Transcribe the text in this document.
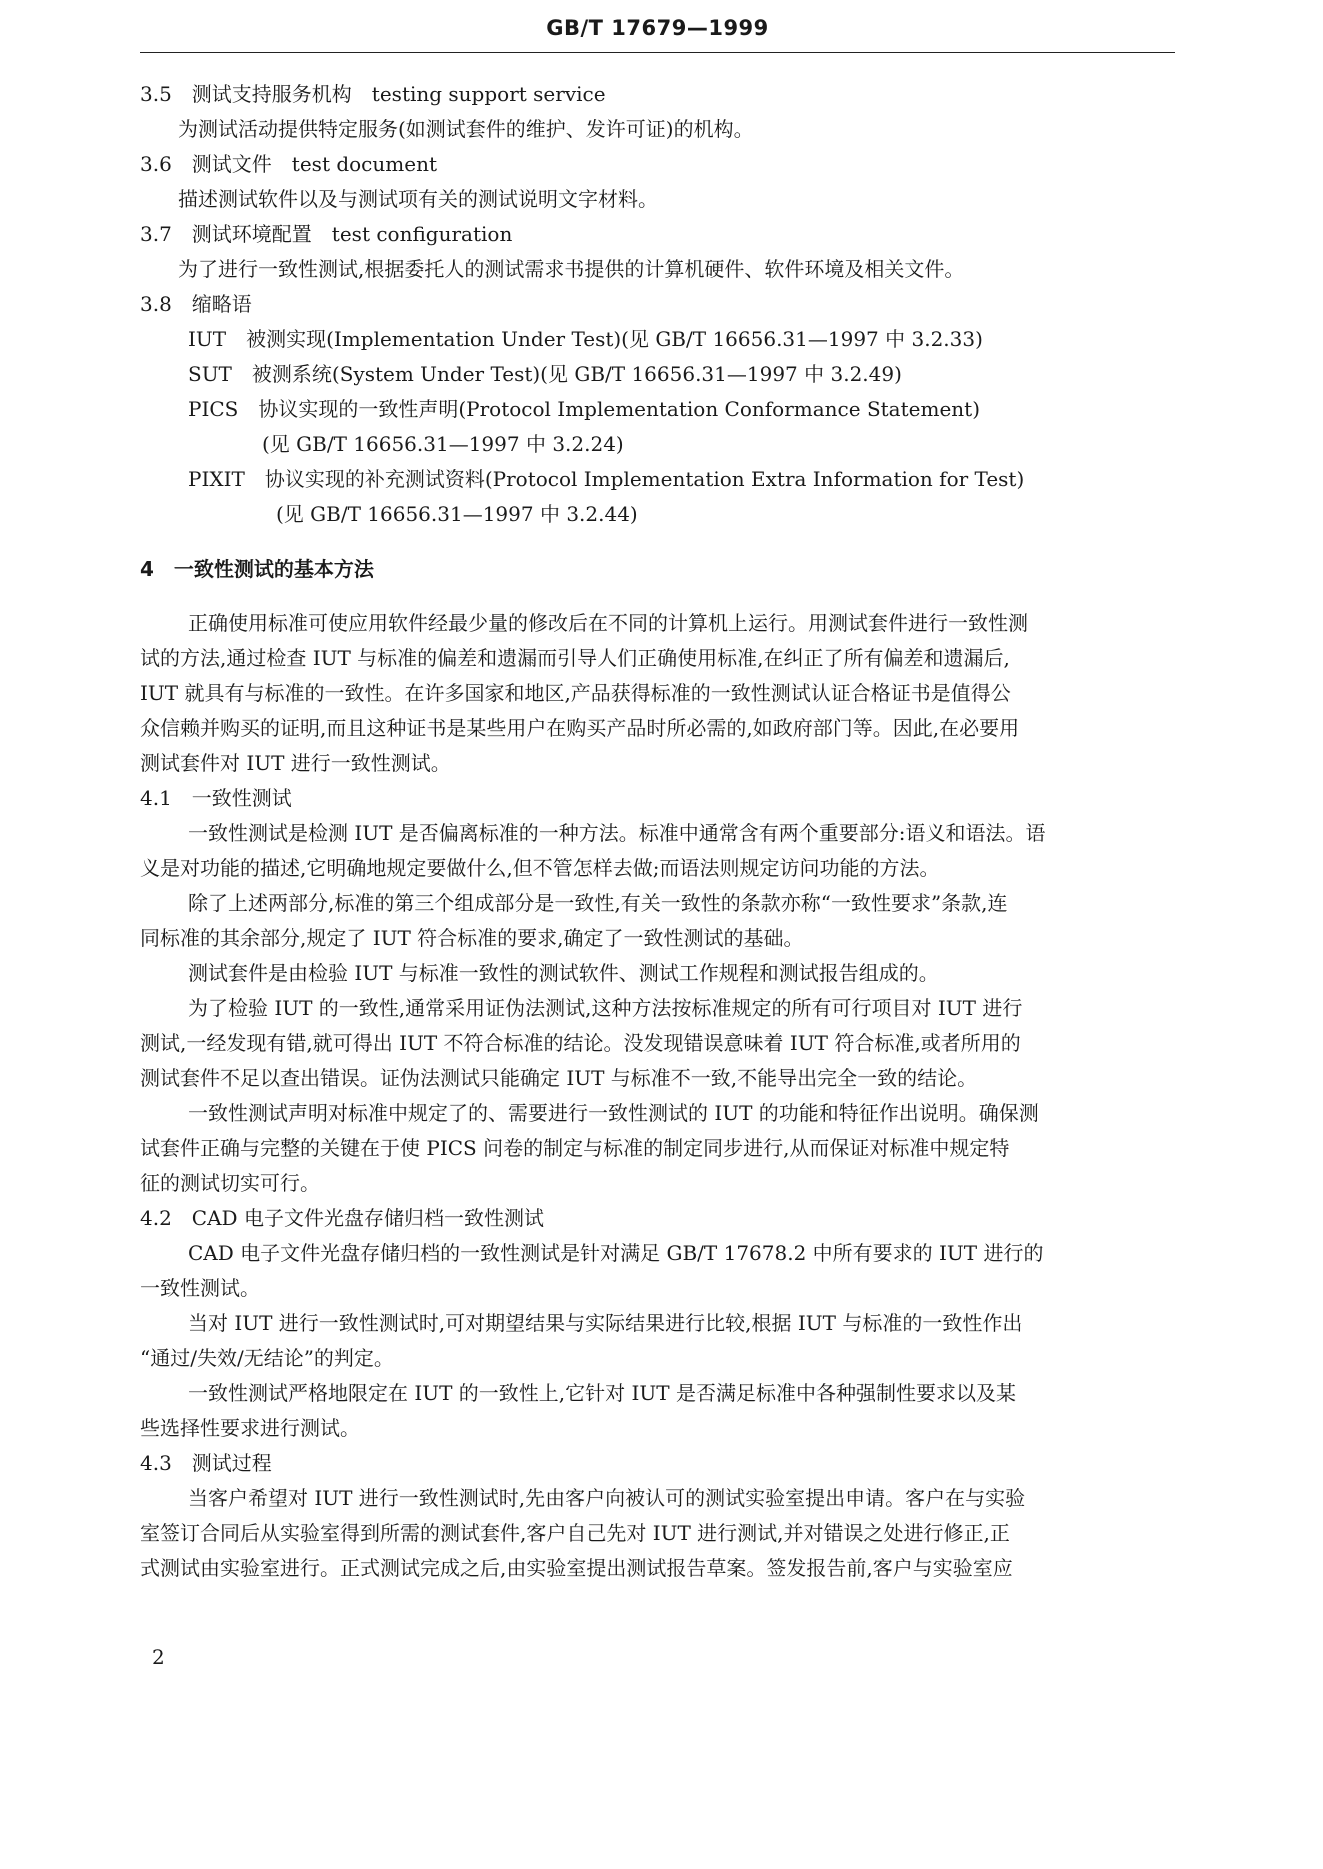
GB/T 17679—1999
3.5　测试支持服务机构　testing support service
为测试活动提供特定服务(如测试套件的维护、发许可证)的机构。
3.6　测试文件　test document
描述测试软件以及与测试项有关的测试说明文字材料。
3.7　测试环境配置　test configuration
为了进行一致性测试,根据委托人的测试需求书提供的计算机硬件、软件环境及相关文件。
3.8　缩略语
IUT　被测实现(Implementation Under Test)(见 GB/T 16656.31—1997 中 3.2.33)
SUT　被测系统(System Under Test)(见 GB/T 16656.31—1997 中 3.2.49)
PICS　协议实现的一致性声明(Protocol Implementation Conformance Statement)
(见 GB/T 16656.31—1997 中 3.2.24)
PIXIT　协议实现的补充测试资料(Protocol Implementation Extra Information for Test)
(见 GB/T 16656.31—1997 中 3.2.44)
4　一致性测试的基本方法
正确使用标准可使应用软件经最少量的修改后在不同的计算机上运行。用测试套件进行一致性测
试的方法,通过检查 IUT 与标准的偏差和遗漏而引导人们正确使用标准,在纠正了所有偏差和遗漏后,
IUT 就具有与标准的一致性。在许多国家和地区,产品获得标准的一致性测试认证合格证书是值得公
众信赖并购买的证明,而且这种证书是某些用户在购买产品时所必需的,如政府部门等。因此,在必要用
测试套件对 IUT 进行一致性测试。
4.1　一致性测试
一致性测试是检测 IUT 是否偏离标准的一种方法。标准中通常含有两个重要部分:语义和语法。语
义是对功能的描述,它明确地规定要做什么,但不管怎样去做;而语法则规定访问功能的方法。
除了上述两部分,标准的第三个组成部分是一致性,有关一致性的条款亦称“一致性要求”条款,连
同标准的其余部分,规定了 IUT 符合标准的要求,确定了一致性测试的基础。
测试套件是由检验 IUT 与标准一致性的测试软件、测试工作规程和测试报告组成的。
为了检验 IUT 的一致性,通常采用证伪法测试,这种方法按标准规定的所有可行项目对 IUT 进行
测试,一经发现有错,就可得出 IUT 不符合标准的结论。没发现错误意味着 IUT 符合标准,或者所用的
测试套件不足以查出错误。证伪法测试只能确定 IUT 与标准不一致,不能导出完全一致的结论。
一致性测试声明对标准中规定了的、需要进行一致性测试的 IUT 的功能和特征作出说明。确保测
试套件正确与完整的关键在于使 PICS 问卷的制定与标准的制定同步进行,从而保证对标准中规定特
征的测试切实可行。
4.2　CAD 电子文件光盘存储归档一致性测试
CAD 电子文件光盘存储归档的一致性测试是针对满足 GB/T 17678.2 中所有要求的 IUT 进行的
一致性测试。
当对 IUT 进行一致性测试时,可对期望结果与实际结果进行比较,根据 IUT 与标准的一致性作出
“通过/失效/无结论”的判定。
一致性测试严格地限定在 IUT 的一致性上,它针对 IUT 是否满足标准中各种强制性要求以及某
些选择性要求进行测试。
4.3　测试过程
当客户希望对 IUT 进行一致性测试时,先由客户向被认可的测试实验室提出申请。客户在与实验
室签订合同后从实验室得到所需的测试套件,客户自己先对 IUT 进行测试,并对错误之处进行修正,正
式测试由实验室进行。正式测试完成之后,由实验室提出测试报告草案。签发报告前,客户与实验室应
2
